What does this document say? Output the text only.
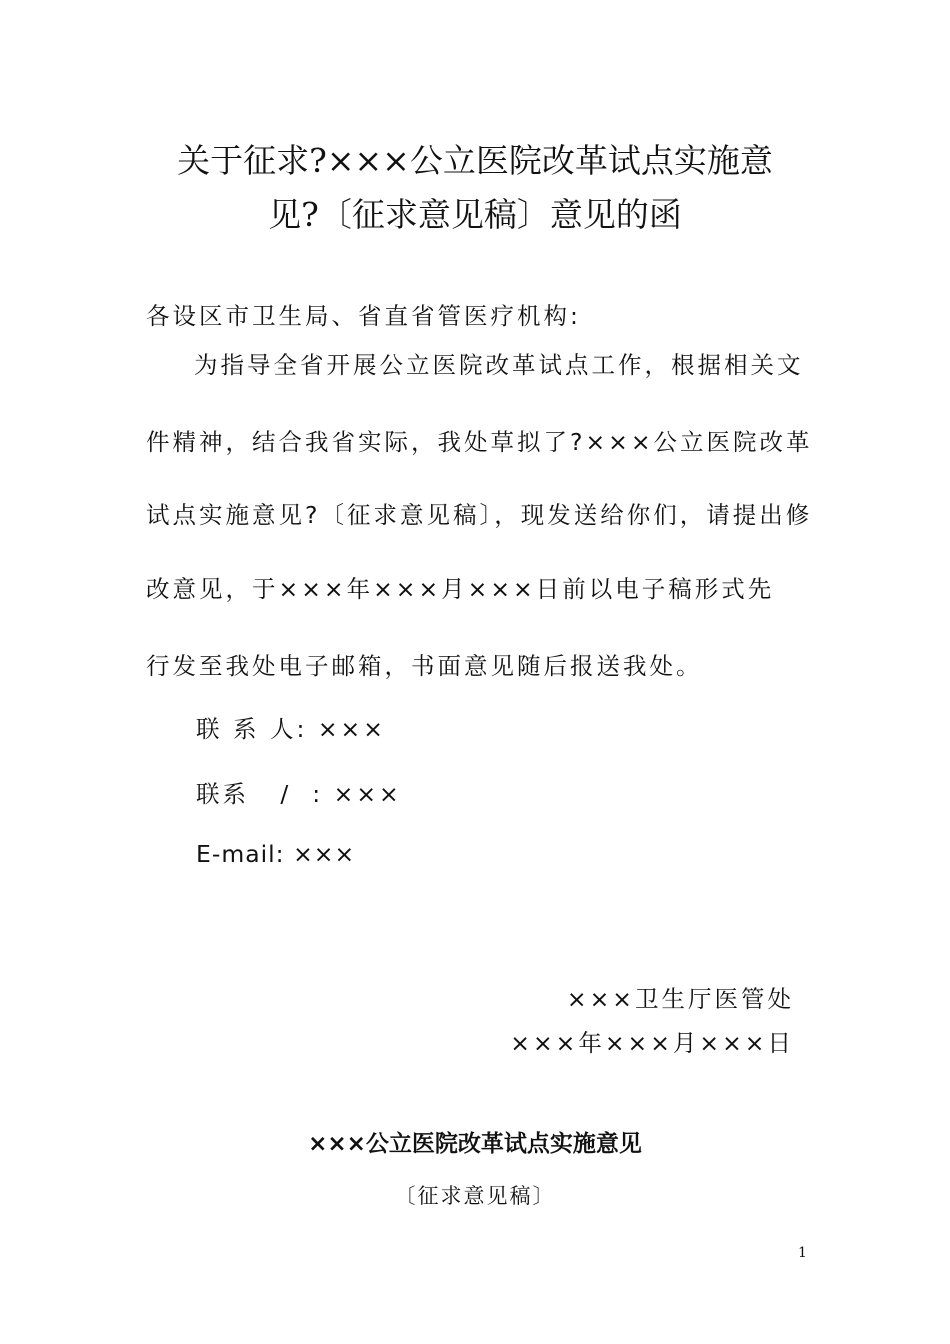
关于征求?×××公立医院改革试点实施意
见?〔征求意见稿〕意见的函
各设区市卫生局、省直省管医疗机构:
为指导全省开展公立医院改革试点工作，根据相关文
件精神，结合我省实际，我处草拟了?×××公立医院改革
试点实施意见?〔征求意见稿〕，现发送给你们，请提出修
改意见，于×××年×××月×××日前以电子稿形式先
行发至我处电子邮箱，书面意见随后报送我处。
联 系 人: ×××
联系   /  : ×××
E-mail: ×××
×××卫生厅医管处
×××年×××月×××日
×××公立医院改革试点实施意见
〔征求意见稿〕
1
